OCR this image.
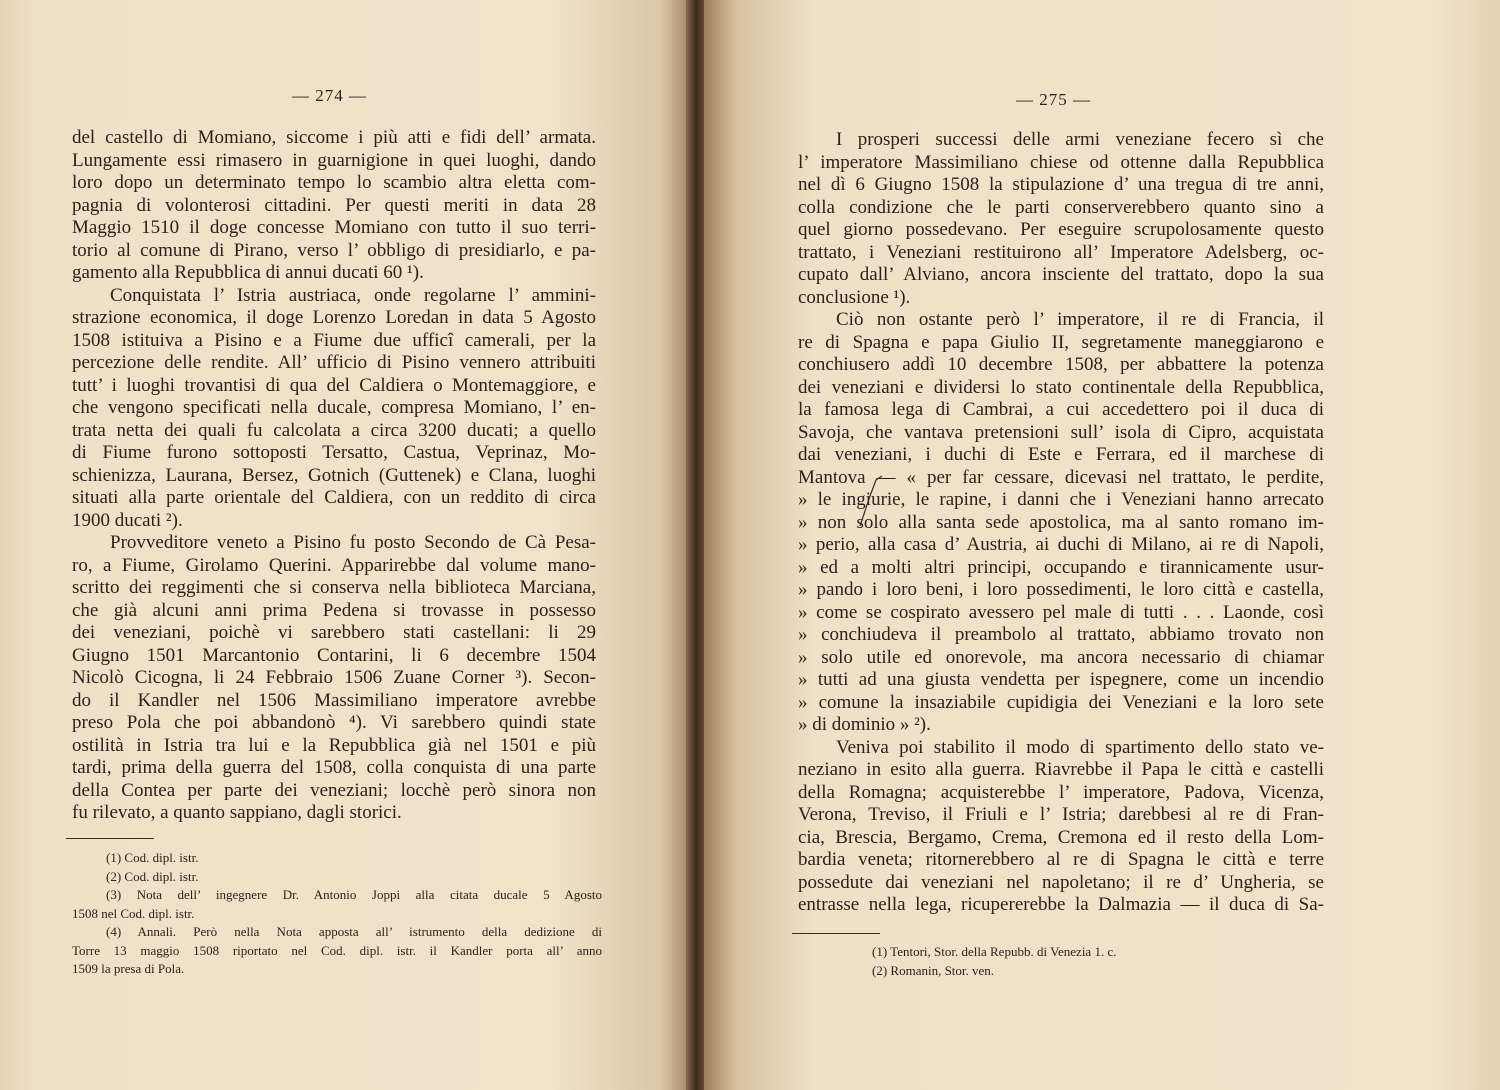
— 274 —
del castello di Momiano, siccome i più atti e fidi dell’ armata.
Lungamente essi rimasero in guarnigione in quei luoghi, dando
loro dopo un determinato tempo lo scambio altra eletta com-
pagnia di volonterosi cittadini. Per questi meriti in data 28
Maggio 1510 il doge concesse Momiano con tutto il suo terri-
torio al comune di Pirano, verso l’ obbligo di presidiarlo, e pa-
gamento alla Repubblica di annui ducati 60 ¹).
Conquistata l’ Istria austriaca, onde regolarne l’ ammini-
strazione economica, il doge Lorenzo Loredan in data 5 Agosto
1508 istituiva a Pisino e a Fiume due ufficî camerali, per la
percezione delle rendite. All’ ufficio di Pisino vennero attribuiti
tutt’ i luoghi trovantisi di qua del Caldiera o Montemaggiore, e
che vengono specificati nella ducale, compresa Momiano, l’ en-
trata netta dei quali fu calcolata a circa 3200 ducati; a quello
di Fiume furono sottoposti Tersatto, Castua, Veprinaz, Mo-
schienizza, Laurana, Bersez, Gotnich (Guttenek) e Clana, luoghi
situati alla parte orientale del Caldiera, con un reddito di circa
1900 ducati ²).
Provveditore veneto a Pisino fu posto Secondo de Cà Pesa-
ro, a Fiume, Girolamo Querini. Apparirebbe dal volume mano-
scritto dei reggimenti che si conserva nella biblioteca Marciana,
che già alcuni anni prima Pedena si trovasse in possesso
dei veneziani, poichè vi sarebbero stati castellani: li 29
Giugno 1501 Marcantonio Contarini, li 6 decembre 1504
Nicolò Cicogna, li 24 Febbraio 1506 Zuane Corner ³). Secon-
do il Kandler nel 1506 Massimiliano imperatore avrebbe
preso Pola che poi abbandonò ⁴). Vi sarebbero quindi state
ostilità in Istria tra lui e la Repubblica già nel 1501 e più
tardi, prima della guerra del 1508, colla conquista di una parte
della Contea per parte dei veneziani; locchè però sinora non
fu rilevato, a quanto sappiano, dagli storici.
(1) Cod. dipl. istr.
(2) Cod. dipl. istr.
(3) Nota dell’ ingegnere Dr. Antonio Joppi alla citata ducale 5 Agosto
1508 nel Cod. dipl. istr.
(4) Annali. Però nella Nota apposta all’ istrumento della dedizione di
Torre 13 maggio 1508 riportato nel Cod. dipl. istr. il Kandler porta all’ anno
1509 la presa di Pola.
— 275 —
I prosperi successi delle armi veneziane fecero sì che
l’ imperatore Massimiliano chiese od ottenne dalla Repubblica
nel dì 6 Giugno 1508 la stipulazione d’ una tregua di tre anni,
colla condizione che le parti conserverebbero quanto sino a
quel giorno possedevano. Per eseguire scrupolosamente questo
trattato, i Veneziani restituirono all’ Imperatore Adelsberg, oc-
cupato dall’ Alviano, ancora insciente del trattato, dopo la sua
conclusione ¹).
Ciò non ostante però l’ imperatore, il re di Francia, il
re di Spagna e papa Giulio II, segretamente maneggiarono e
conchiusero addì 10 decembre 1508, per abbattere la potenza
dei veneziani e dividersi lo stato continentale della Repubblica,
la famosa lega di Cambrai, a cui accedettero poi il duca di
Savoja, che vantava pretensioni sull’ isola di Cipro, acquistata
dai veneziani, i duchi di Este e Ferrara, ed il marchese di
Mantova — « per far cessare, dicevasi nel trattato, le perdite,
» le ingiurie, le rapine, i danni che i Veneziani hanno arrecato
» non solo alla santa sede apostolica, ma al santo romano im-
» perio, alla casa d’ Austria, ai duchi di Milano, ai re di Napoli,
» ed a molti altri principi, occupando e tirannicamente usur-
» pando i loro beni, i loro possedimenti, le loro città e castella,
» come se cospirato avessero pel male di tutti . . . Laonde, così
» conchiudeva il preambolo al trattato, abbiamo trovato non
» solo utile ed onorevole, ma ancora necessario di chiamar
» tutti ad una giusta vendetta per ispegnere, come un incendio
» comune la insaziabile cupidigia dei Veneziani e la loro sete
» di dominio » ²).
Veniva poi stabilito il modo di spartimento dello stato ve-
neziano in esito alla guerra. Riavrebbe il Papa le città e castelli
della Romagna; acquisterebbe l’ imperatore, Padova, Vicenza,
Verona, Treviso, il Friuli e l’ Istria; darebbesi al re di Fran-
cia, Brescia, Bergamo, Crema, Cremona ed il resto della Lom-
bardia veneta; ritornerebbero al re di Spagna le città e terre
possedute dai veneziani nel napoletano; il re d’ Ungheria, se
entrasse nella lega, ricupererebbe la Dalmazia — il duca di Sa-
(1) Tentori, Stor. della Repubb. di Venezia 1. c.
(2) Romanin, Stor. ven.
